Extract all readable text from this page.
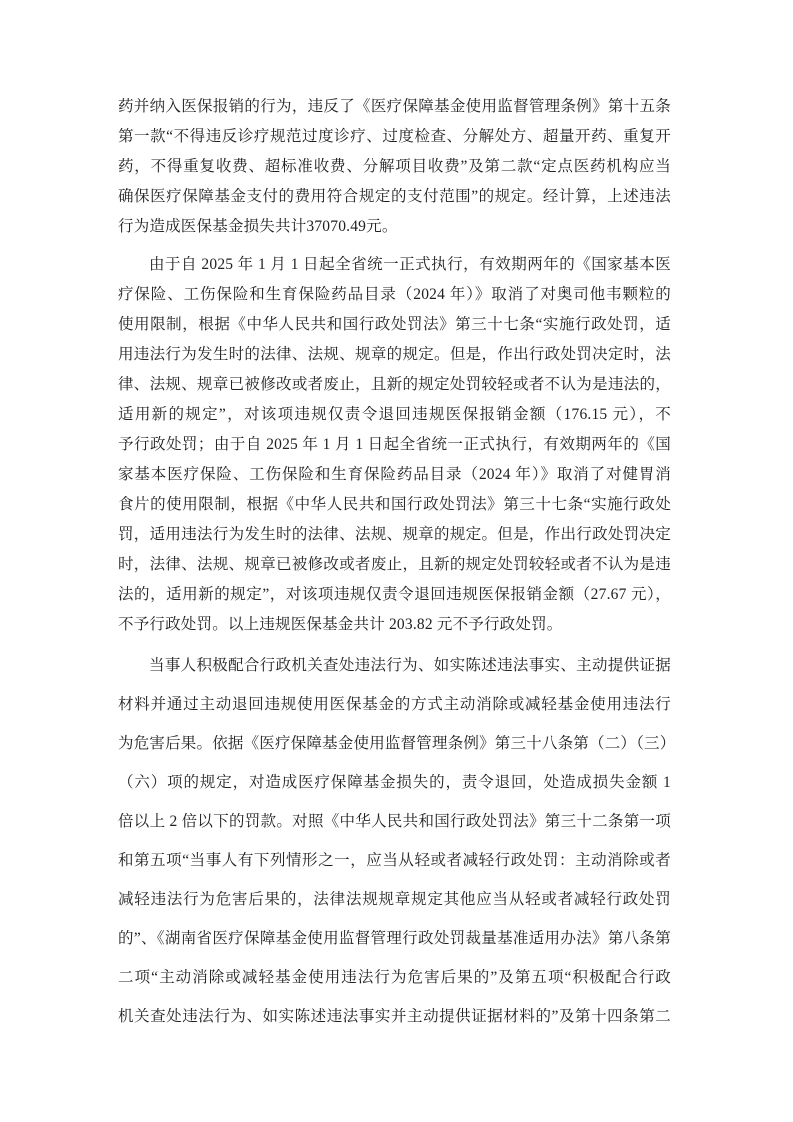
药并纳入医保报销的行为，违反了《医疗保障基金使用监督管理条例》第十五条
第一款“不得违反诊疗规范过度诊疗、过度检查、分解处方、超量开药、重复开
药，不得重复收费、超标准收费、分解项目收费”及第二款“定点医药机构应当
确保医疗保障基金支付的费用符合规定的支付范围”的规定。经计算，上述违法
行为造成医保基金损失共计37070.49元。
由于自 2025 年 1 月 1 日起全省统一正式执行，有效期两年的《国家基本医
疗保险、工伤保险和生育保险药品目录（2024 年）》取消了对奥司他韦颗粒的
使用限制，根据《中华人民共和国行政处罚法》第三十七条“实施行政处罚，适
用违法行为发生时的法律、法规、规章的规定。但是，作出行政处罚决定时，法
律、法规、规章已被修改或者废止，且新的规定处罚较轻或者不认为是违法的，
适用新的规定”，对该项违规仅责令退回违规医保报销金额（176.15 元），不
予行政处罚；由于自 2025 年 1 月 1 日起全省统一正式执行，有效期两年的《国
家基本医疗保险、工伤保险和生育保险药品目录（2024 年）》取消了对健胃消
食片的使用限制，根据《中华人民共和国行政处罚法》第三十七条“实施行政处
罚，适用违法行为发生时的法律、法规、规章的规定。但是，作出行政处罚决定
时，法律、法规、规章已被修改或者废止，且新的规定处罚较轻或者不认为是违
法的，适用新的规定”，对该项违规仅责令退回违规医保报销金额（27.67 元），
不予行政处罚。以上违规医保基金共计 203.82 元不予行政处罚。
当事人积极配合行政机关查处违法行为、如实陈述违法事实、主动提供证据
材料并通过主动退回违规使用医保基金的方式主动消除或减轻基金使用违法行
为危害后果。依据《医疗保障基金使用监督管理条例》第三十八条第（二）（三）
（六）项的规定，对造成医疗保障基金损失的，责令退回，处造成损失金额 1
倍以上 2 倍以下的罚款。对照《中华人民共和国行政处罚法》第三十二条第一项
和第五项“当事人有下列情形之一，应当从轻或者减轻行政处罚：主动消除或者
减轻违法行为危害后果的，法律法规规章规定其他应当从轻或者减轻行政处罚
的”、《湖南省医疗保障基金使用监督管理行政处罚裁量基准适用办法》第八条第
二项“主动消除或减轻基金使用违法行为危害后果的”及第五项“积极配合行政
机关查处违法行为、如实陈述违法事实并主动提供证据材料的”及第十四条第二
